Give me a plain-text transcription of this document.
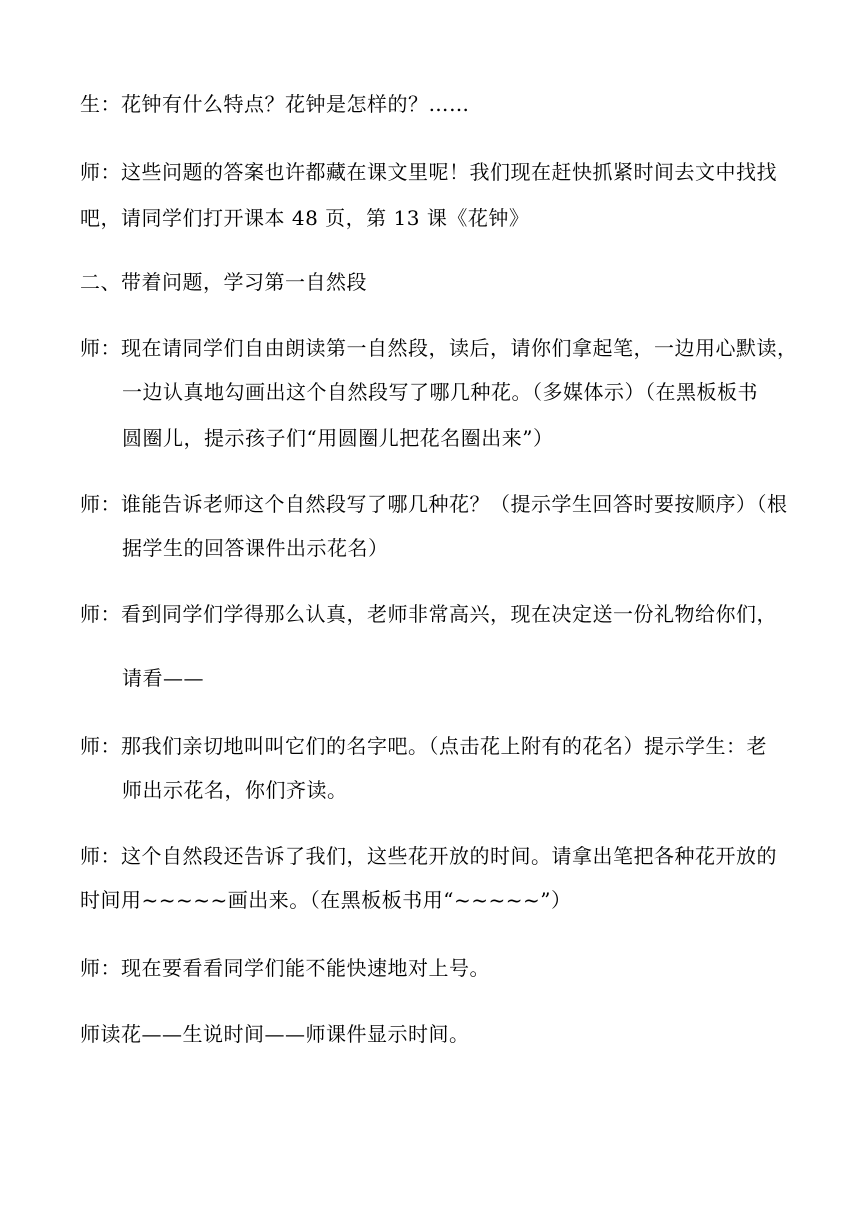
生：花钟有什么特点？花钟是怎样的？……
师：这些问题的答案也许都藏在课文里呢！我们现在赶快抓紧时间去文中找找
吧，请同学们打开课本 48 页，第 13 课《花钟》
二、带着问题，学习第一自然段
师：现在请同学们自由朗读第一自然段，读后，请你们拿起笔，一边用心默读，
一边认真地勾画出这个自然段写了哪几种花。（多媒体示）（在黑板板书
圆圈儿，提示孩子们“用圆圈儿把花名圈出来”）
师：谁能告诉老师这个自然段写了哪几种花？（提示学生回答时要按顺序）（根
据学生的回答课件出示花名）
师：看到同学们学得那么认真，老师非常高兴，现在决定送一份礼物给你们，
请看——
师：那我们亲切地叫叫它们的名字吧。（点击花上附有的花名）提示学生：老
师出示花名，你们齐读。
师：这个自然段还告诉了我们，这些花开放的时间。请拿出笔把各种花开放的
时间用~~~~~画出来。（在黑板板书用“~~~~~”）
师：现在要看看同学们能不能快速地对上号。
师读花——生说时间——师课件显示时间。
